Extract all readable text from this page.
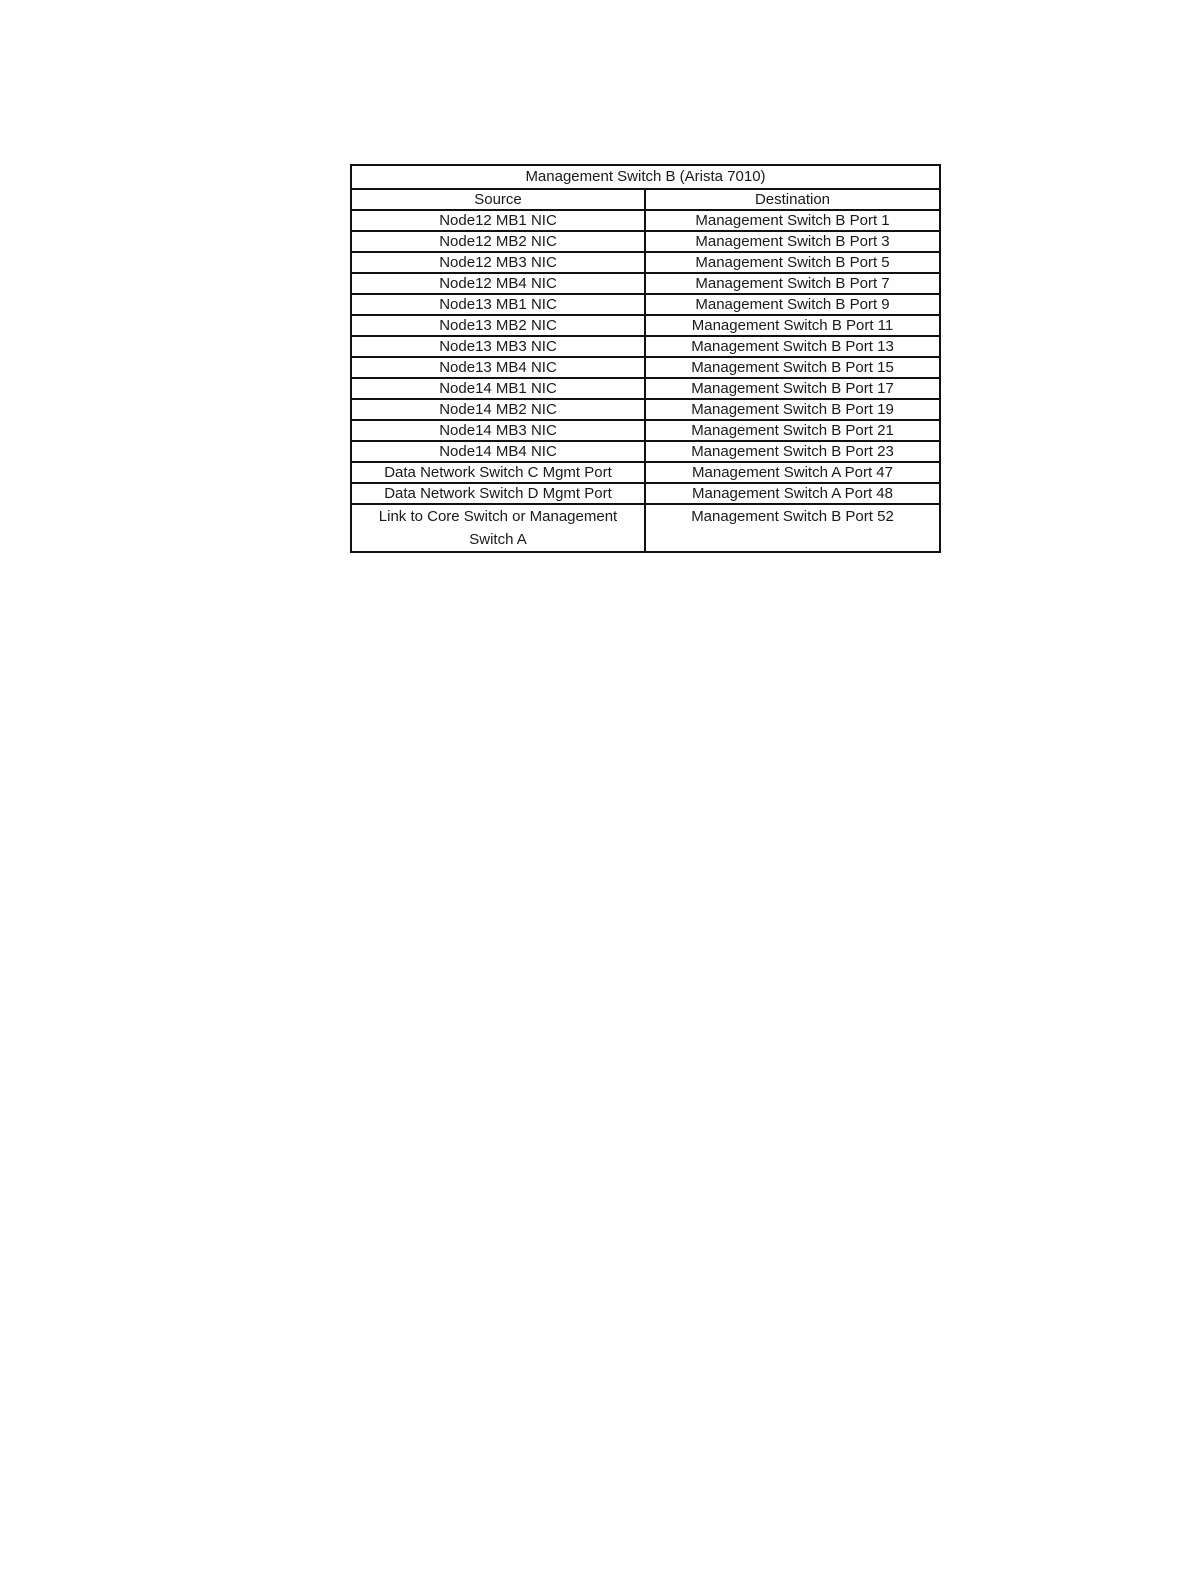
Management Switch B (Arista 7010)	
Source	Destination
Node12 MB1 NIC	Management Switch B Port 1
Node12 MB2 NIC	Management Switch B Port 3
Node12 MB3 NIC	Management Switch B Port 5
Node12 MB4 NIC	Management Switch B Port 7
Node13 MB1 NIC	Management Switch B Port 9
Node13 MB2 NIC	Management Switch B Port 11
Node13 MB3 NIC	Management Switch B Port 13
Node13 MB4 NIC	Management Switch B Port 15
Node14 MB1 NIC	Management Switch B Port 17
Node14 MB2 NIC	Management Switch B Port 19
Node14 MB3 NIC	Management Switch B Port 21
Node14 MB4 NIC	Management Switch B Port 23
Data Network Switch C Mgmt Port	Management Switch A Port 47
Data Network Switch D Mgmt Port	Management Switch A Port 48
Link to Core Switch or Management Switch A	Management Switch B Port 52
